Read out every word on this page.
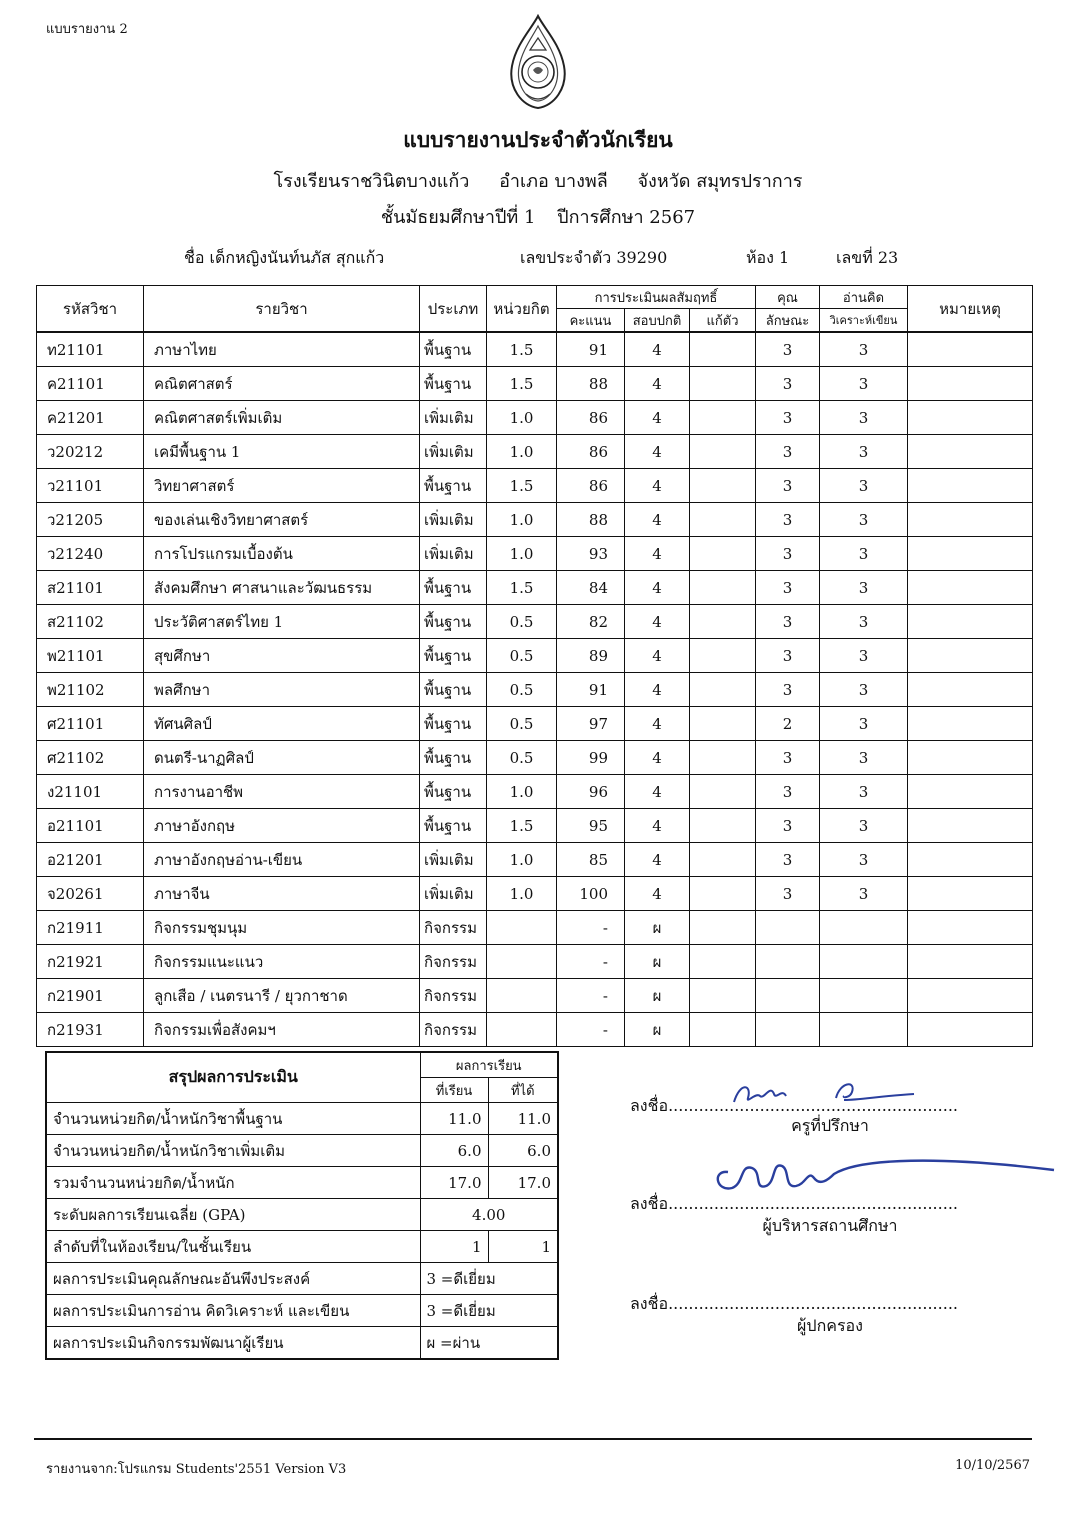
แบบรายงาน 2
แบบรายงานประจำตัวนักเรียน
โรงเรียนราชวินิตบางแก้ว อำเภอ บางพลี จังหวัด สมุทรปราการ
ชั้นมัธยมศึกษาปีที่ 1 ปีการศึกษา 2567
ชื่อ เด็กหญิงนันท์นภัส สุกแก้ว	เลขประจำตัว 39290	ห้อง 1	เลขที่ 23
รหัสวิชา	รายวิชา	ประเภท	หน่วยกิต	การประเมินผลสัมฤทธิ์			คุณ	อ่านคิด	หมายเหตุ
				คะแนน	สอบปกติ	แก้ตัว	ลักษณะ	วิเคราะห์เขียน	
ท21101	ภาษาไทย	พื้นฐาน	1.5	91	4		3	3	
ค21101	คณิตศาสตร์	พื้นฐาน	1.5	88	4		3	3	
ค21201	คณิตศาสตร์เพิ่มเติม	เพิ่มเติม	1.0	86	4		3	3	
ว20212	เคมีพื้นฐาน 1	เพิ่มเติม	1.0	86	4		3	3	
ว21101	วิทยาศาสตร์	พื้นฐาน	1.5	86	4		3	3	
ว21205	ของเล่นเชิงวิทยาศาสตร์	เพิ่มเติม	1.0	88	4		3	3	
ว21240	การโปรแกรมเบื้องต้น	เพิ่มเติม	1.0	93	4		3	3	
ส21101	สังคมศึกษา ศาสนาและวัฒนธรรม	พื้นฐาน	1.5	84	4		3	3	
ส21102	ประวัติศาสตร์ไทย 1	พื้นฐาน	0.5	82	4		3	3	
พ21101	สุขศึกษา	พื้นฐาน	0.5	89	4		3	3	
พ21102	พลศึกษา	พื้นฐาน	0.5	91	4		3	3	
ศ21101	ทัศนศิลป์	พื้นฐาน	0.5	97	4		2	3	
ศ21102	ดนตรี-นาฏศิลป์	พื้นฐาน	0.5	99	4		3	3	
ง21101	การงานอาชีพ	พื้นฐาน	1.0	96	4		3	3	
อ21101	ภาษาอังกฤษ	พื้นฐาน	1.5	95	4		3	3	
อ21201	ภาษาอังกฤษอ่าน-เขียน	เพิ่มเติม	1.0	85	4		3	3	
จ20261	ภาษาจีน	เพิ่มเติม	1.0	100	4		3	3	
ก21911	กิจกรรมชุมนุม	กิจกรรม		-	ผ				
ก21921	กิจกรรมแนะแนว	กิจกรรม		-	ผ				
ก21901	ลูกเสือ / เนตรนารี / ยุวกาชาด	กิจกรรม		-	ผ				
ก21931	กิจกรรมเพื่อสังคมฯ	กิจกรรม		-	ผ				
สรุปผลการประเมิน	ผลการเรียน	
	ที่เรียน	ที่ได้
จำนวนหน่วยกิต/น้ำหนักวิชาพื้นฐาน	11.0	11.0
จำนวนหน่วยกิต/น้ำหนักวิชาเพิ่มเติม	6.0	6.0
รวมจำนวนหน่วยกิต/น้ำหนัก	17.0	17.0
ระดับผลการเรียนเฉลี่ย (GPA)	4.00	
ลำดับที่ในห้องเรียน/ในชั้นเรียน	1	1
ผลการประเมินคุณลักษณะอันพึงประสงค์	3 =ดีเยี่ยม	
ผลการประเมินการอ่าน คิดวิเคราะห์ และเขียน	3 =ดีเยี่ยม	
ผลการประเมินกิจกรรมพัฒนาผู้เรียน	ผ =ผ่าน	
ลงชื่อ.........................................................
ครูที่ปรึกษา
ลงชื่อ.........................................................
ผู้บริหารสถานศึกษา
ลงชื่อ.........................................................
ผู้ปกครอง
รายงานจาก:โปรแกรม Students'2551 Version V3	10/10/2567
